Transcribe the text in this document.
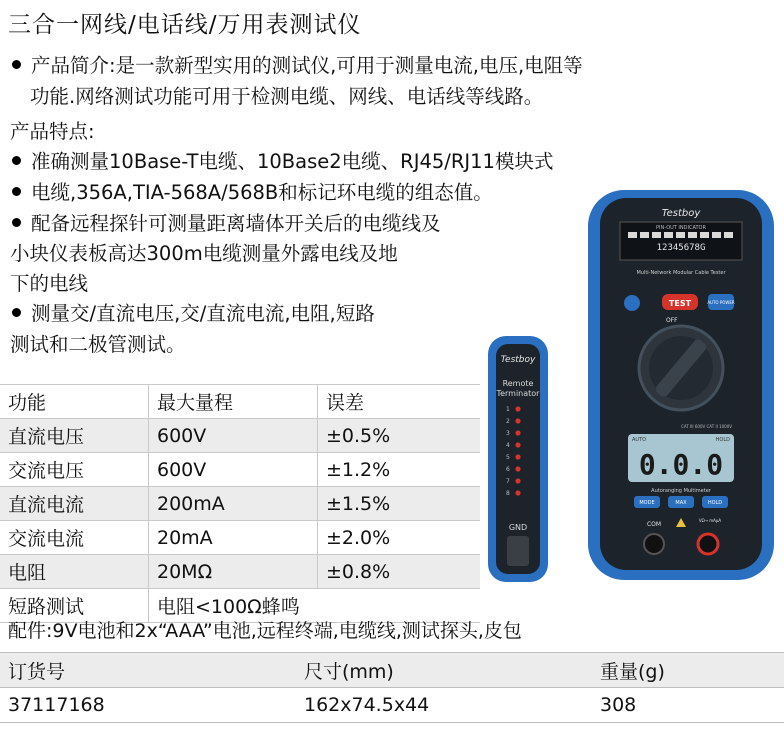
三合一网线/电话线/万用表测试仪
产品简介:是一款新型实用的测试仪,可用于测量电流,电压,电阻等
功能.网络测试功能可用于检测电缆、网线、电话线等线路。
产品特点:
准确测量10Base-T电缆、10Base2电缆、RJ45/RJ11模块式
电缆,356A,TIA-568A/568B和标记环电缆的组态值。
配备远程探针可测量距离墙体开关后的电缆线及
小块仪表板高达300m电缆测量外露电线及地
下的电线
测量交/直流电压,交/直流电流,电阻,短路
测试和二极管测试。
功能	最大量程	误差
直流电压	600V	±0.5%
交流电压	600V	±1.2%
直流电流	200mA	±1.5%
交流电流	20mA	±2.0%
电阻	20MΩ	±0.8%
短路测试	电阻<100Ω蜂鸣	
配件:9V电池和2x“AAA”电池,远程终端,电缆线,测试探头,皮包
订货号	尺寸(mm)	重量(g)
37117168	162x74.5x44	308
Testboy
Remote
Terminator
1
2
3
4
5
6
7
8
GND
Testboy
PIN-OUT INDICATOR
12345678G
Multi-Network Modular Cable Tester
TEST	AUTO POWER
OFF
CAT III 600V CAT II 1000V
AUTO	HOLD
0.0.0
Autoranging Multimeter
MODE	MAX	HOLD
COM
VΩ→ mAμA
